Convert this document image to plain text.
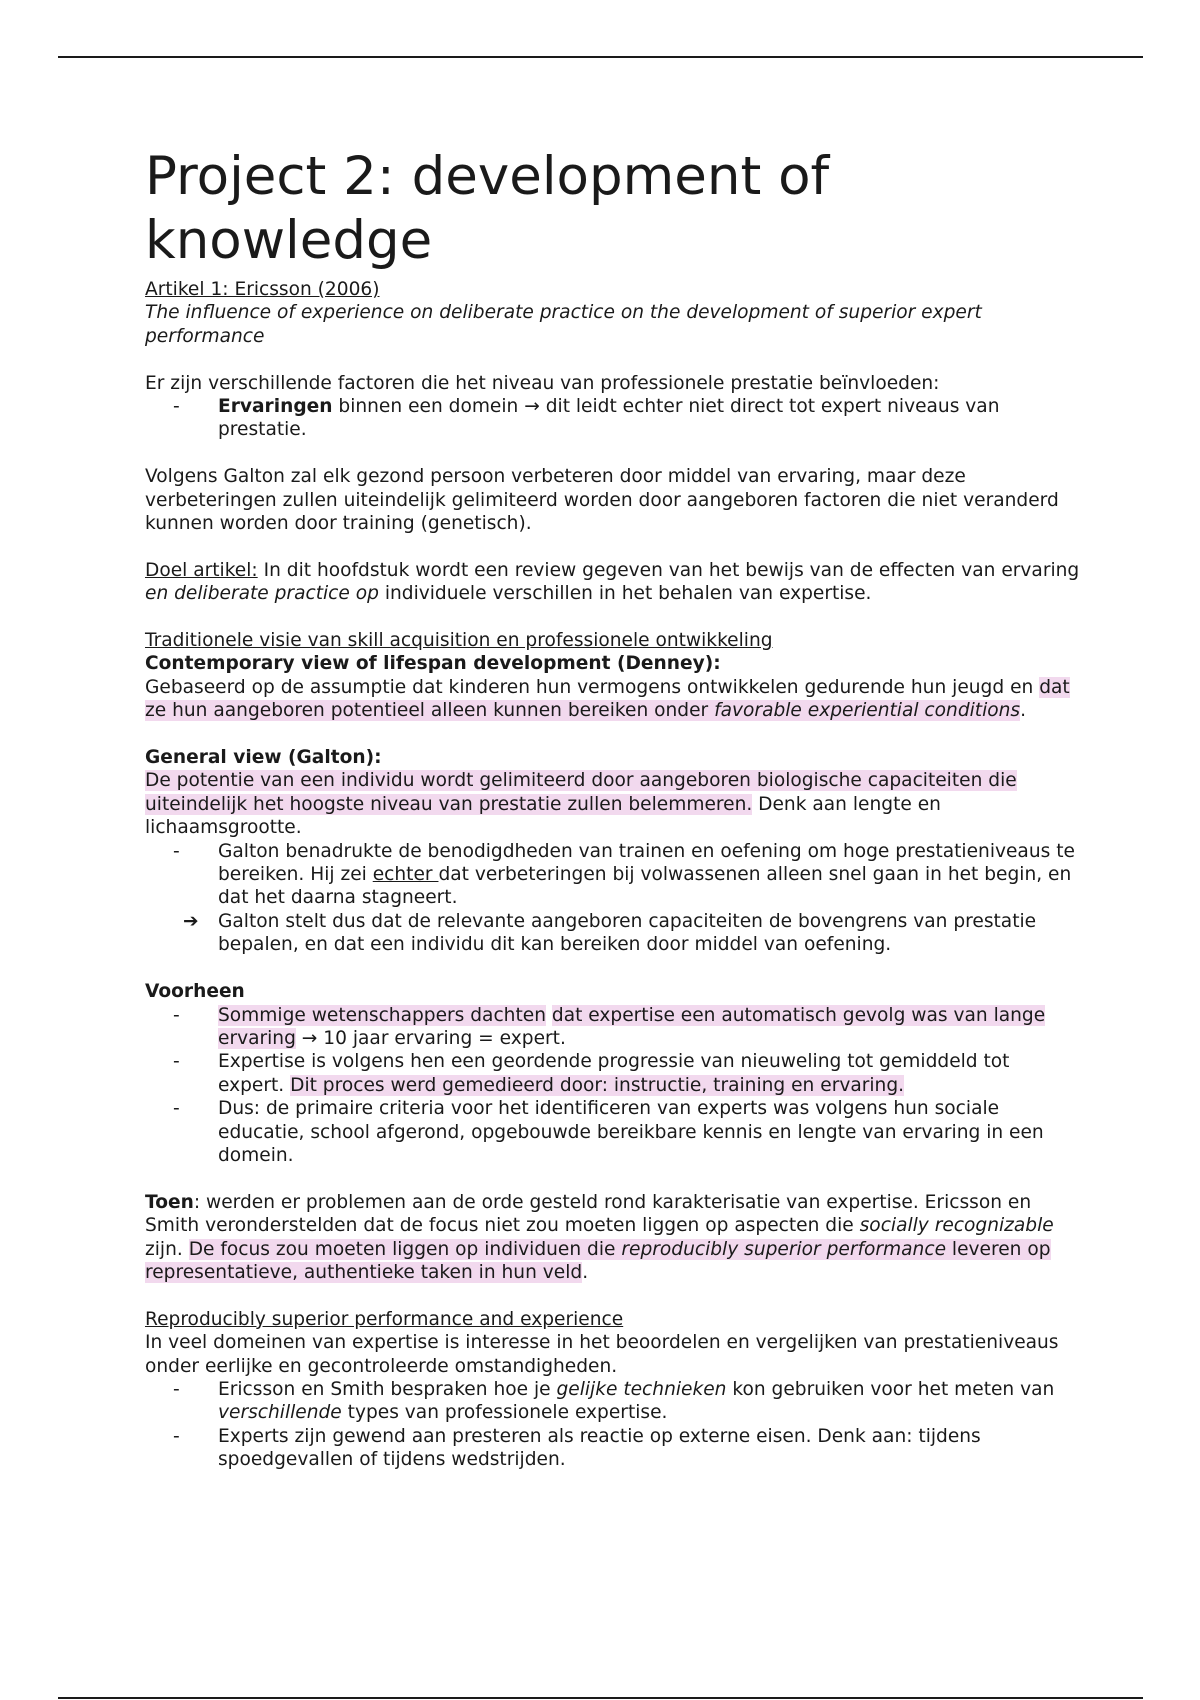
Project 2: development of knowledge

Artikel 1: Ericsson (2006)

The influence of experience on deliberate practice on the development of superior expert performance

Er zijn verschillende factoren die het niveau van professionele prestatie beïnvloeden:

-	Ervaringen binnen een domein → dit leidt echter niet direct tot expert niveaus van prestatie.

Volgens Galton zal elk gezond persoon verbeteren door middel van ervaring, maar deze verbeteringen zullen uiteindelijk gelimiteerd worden door aangeboren factoren die niet veranderd kunnen worden door training (genetisch).

Doel artikel: In dit hoofdstuk wordt een review gegeven van het bewijs van de effecten van ervaring en deliberate practice op individuele verschillen in het behalen van expertise.

Traditionele visie van skill acquisition en professionele ontwikkeling

Contemporary view of lifespan development (Denney):

Gebaseerd op de assumptie dat kinderen hun vermogens ontwikkelen gedurende hun jeugd en dat ze hun aangeboren potentieel alleen kunnen bereiken onder favorable experiential conditions.

General view (Galton):

De potentie van een individu wordt gelimiteerd door aangeboren biologische capaciteiten die uiteindelijk het hoogste niveau van prestatie zullen belemmeren. Denk aan lengte en lichaamsgrootte.

-	Galton benadrukte de benodigdheden van trainen en oefening om hoge prestatieniveaus te bereiken. Hij zei echter dat verbeteringen bij volwassenen alleen snel gaan in het begin, en dat het daarna stagneert.
➔	Galton stelt dus dat de relevante aangeboren capaciteiten de bovengrens van prestatie bepalen, en dat een individu dit kan bereiken door middel van oefening.

Voorheen

-	Sommige wetenschappers dachten dat expertise een automatisch gevolg was van lange ervaring → 10 jaar ervaring = expert.
-	Expertise is volgens hen een geordende progressie van nieuweling tot gemiddeld tot expert. Dit proces werd gemedieerd door: instructie, training en ervaring.
-	Dus: de primaire criteria voor het identificeren van experts was volgens hun sociale educatie, school afgerond, opgebouwde bereikbare kennis en lengte van ervaring in een domein.

Toen: werden er problemen aan de orde gesteld rond karakterisatie van expertise. Ericsson en Smith veronderstelden dat de focus niet zou moeten liggen op aspecten die socially recognizable zijn. De focus zou moeten liggen op individuen die reproducibly superior performance leveren op representatieve, authentieke taken in hun veld.

Reproducibly superior performance and experience

In veel domeinen van expertise is interesse in het beoordelen en vergelijken van prestatieniveaus onder eerlijke en gecontroleerde omstandigheden.

-	Ericsson en Smith bespraken hoe je gelijke technieken kon gebruiken voor het meten van verschillende types van professionele expertise.
-	Experts zijn gewend aan presteren als reactie op externe eisen. Denk aan: tijdens spoedgevallen of tijdens wedstrijden.
